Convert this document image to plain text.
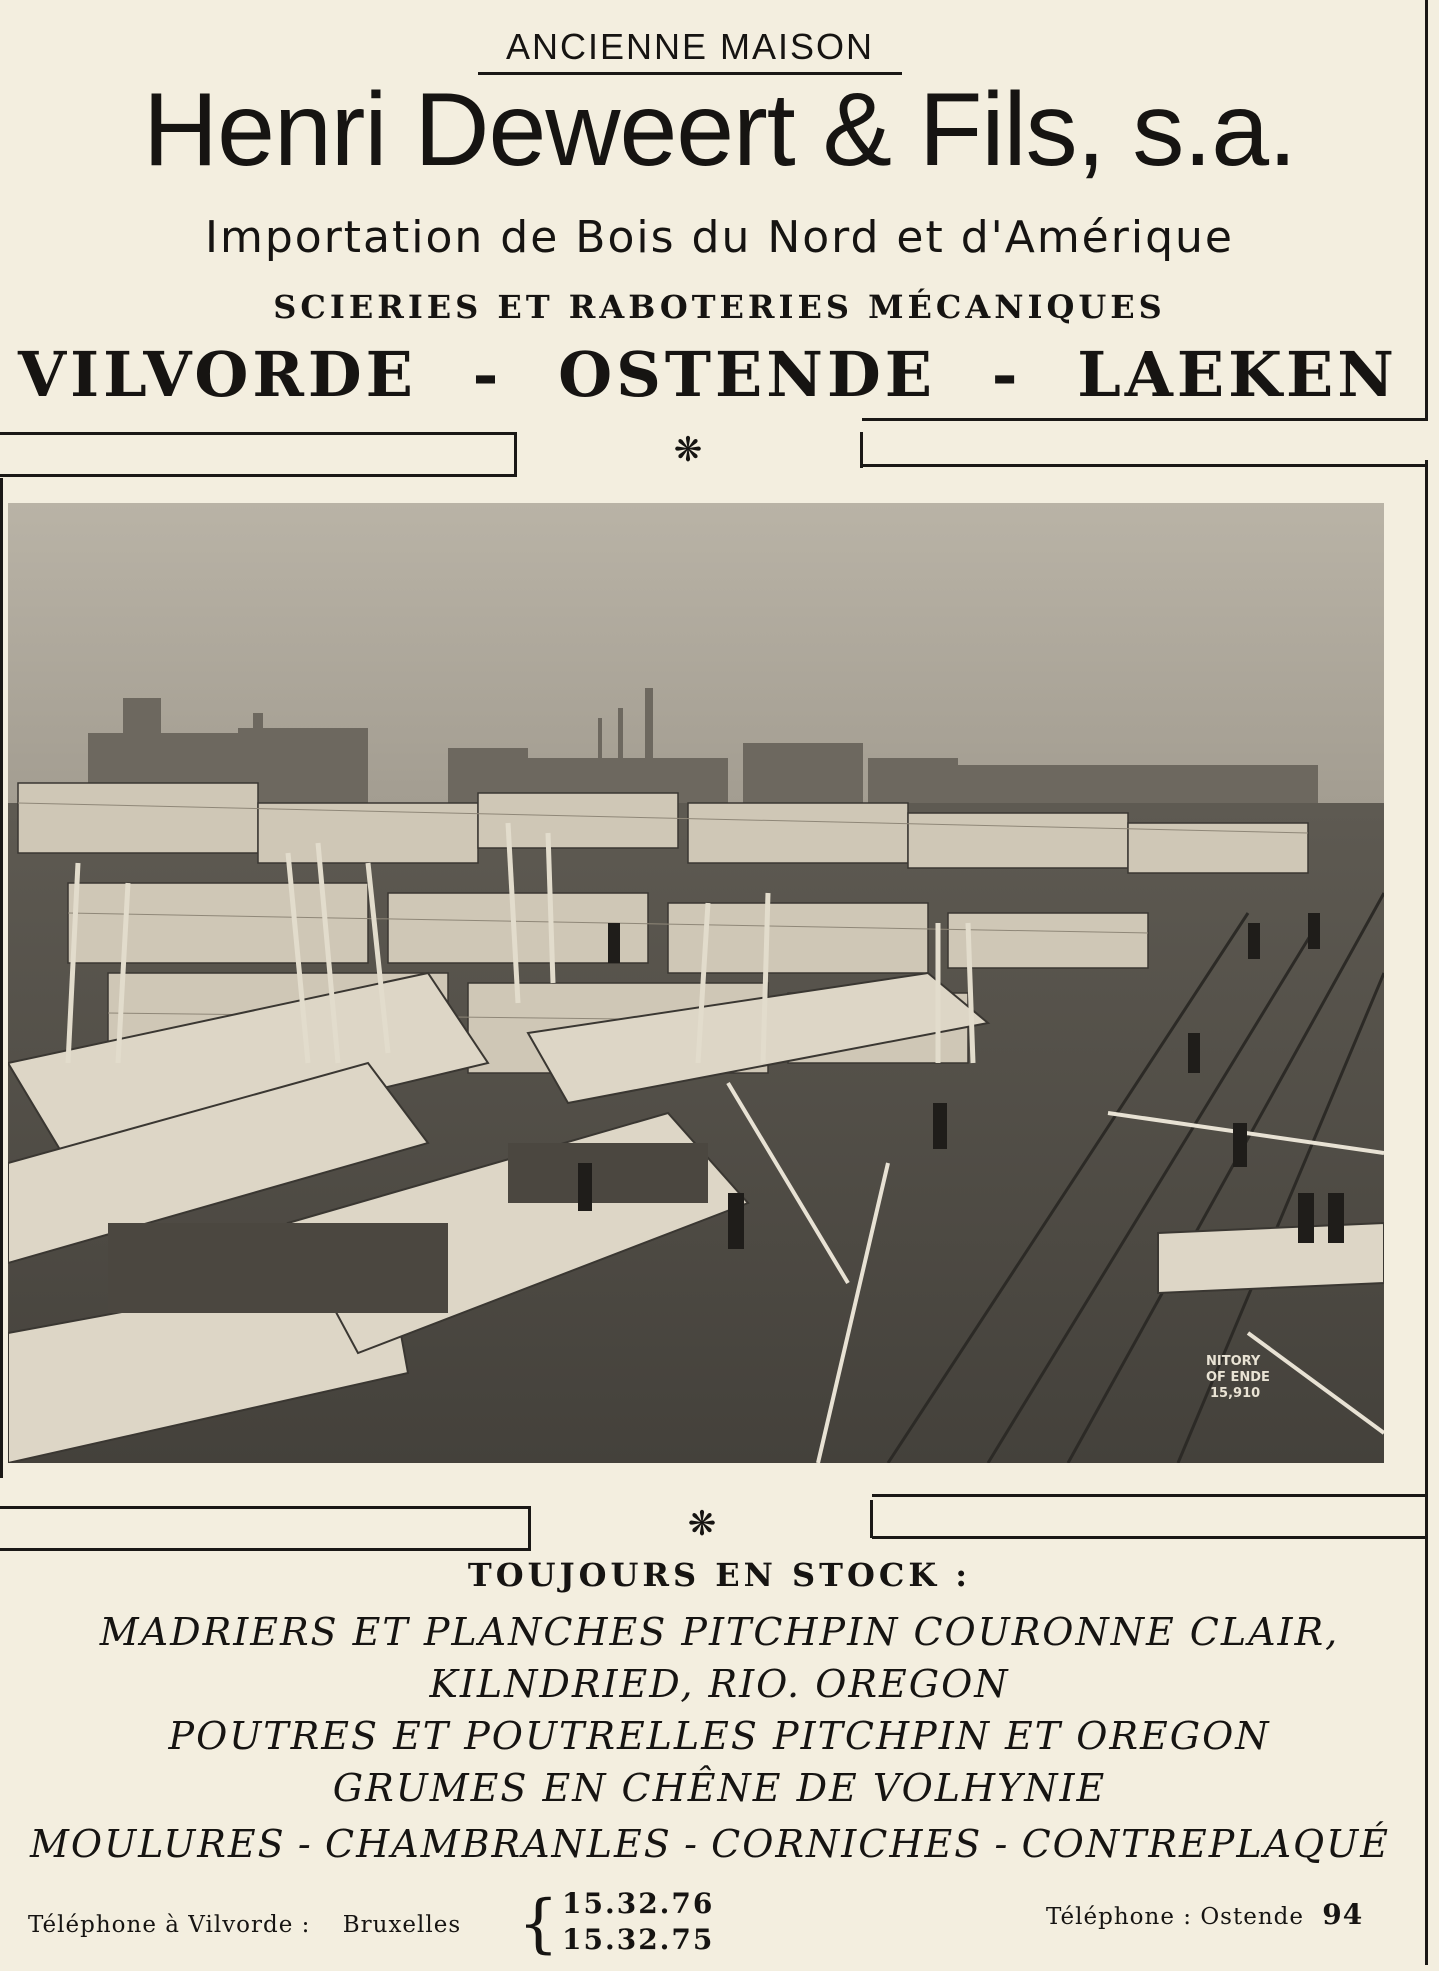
ANCIENNE MAISON
Henri Deweert & Fils, s.a.
Importation de Bois du Nord et d'Amérique
SCIERIES ET RABOTERIES MÉCANIQUES
VILVORDE - OSTENDE - LAEKEN
❋
NITORY
OF ENDE
15,910
❋
TOUJOURS EN STOCK :
MADRIERS ET PLANCHES PITCHPIN COURONNE CLAIR,
KILNDRIED, RIO. OREGON
POUTRES ET POUTRELLES PITCHPIN ET OREGON
GRUMES EN CHÊNE DE VOLHYNIE
MOULURES - CHAMBRANLES - CORNICHES - CONTREPLAQUÉ
Téléphone à Vilvorde : Bruxelles { 15.32.76
15.32.75
Téléphone : Ostende 94
